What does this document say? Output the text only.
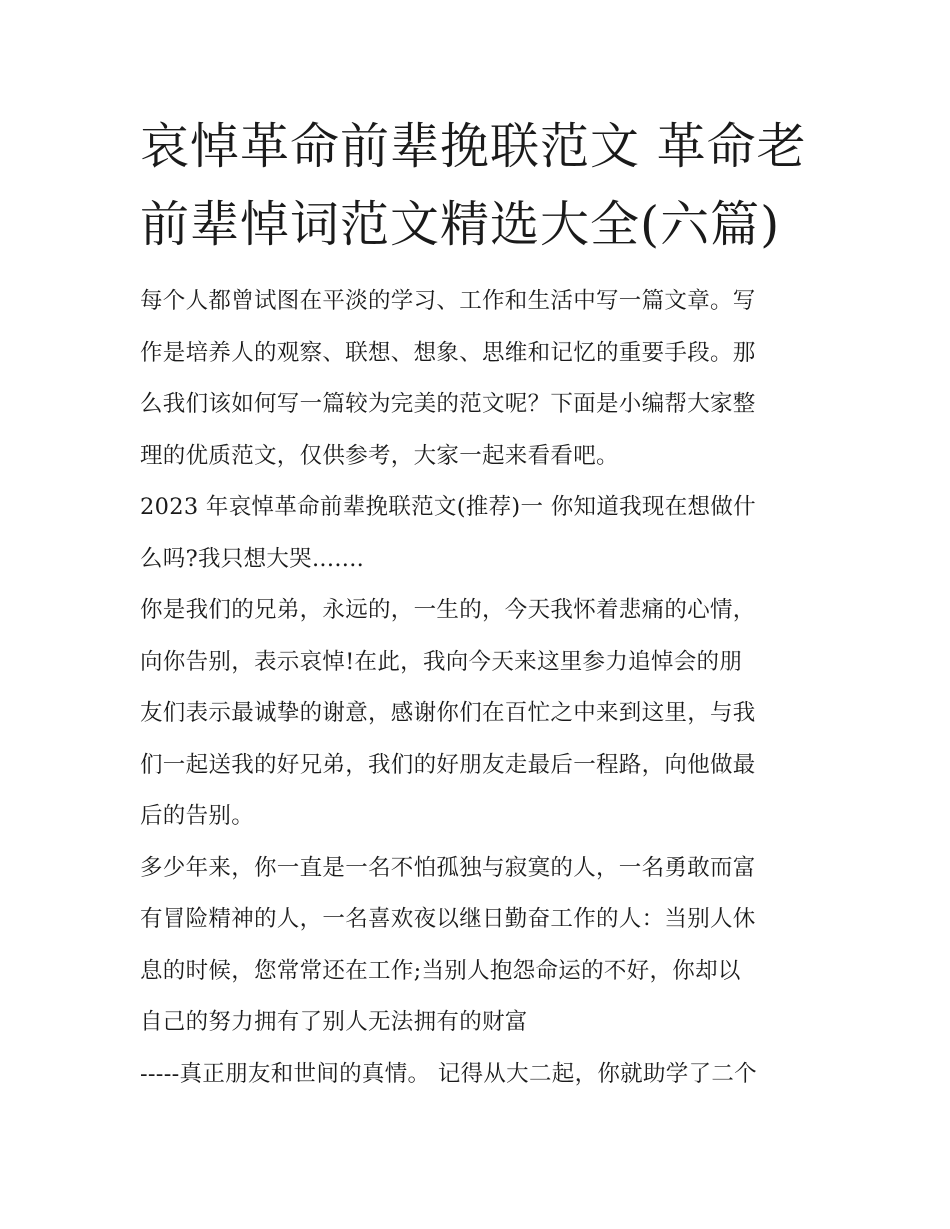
哀悼革命前辈挽联范文 革命老
前辈悼词范文精选大全(六篇)
每个人都曾试图在平淡的学习、工作和生活中写一篇文章。写
作是培养人的观察、联想、想象、思维和记忆的重要手段。那
么我们该如何写一篇较为完美的范文呢？下面是小编帮大家整
理的优质范文，仅供参考，大家一起来看看吧。
2023 年哀悼革命前辈挽联范文(推荐)一 你知道我现在想做什
么吗?我只想大哭.......
你是我们的兄弟，永远的，一生的，今天我怀着悲痛的心情，
向你告别，表示哀悼!在此，我向今天来这里参力追悼会的朋
友们表示最诚挚的谢意，感谢你们在百忙之中来到这里，与我
们一起送我的好兄弟，我们的好朋友走最后一程路，向他做最
后的告别。
多少年来，你一直是一名不怕孤独与寂寞的人，一名勇敢而富
有冒险精神的人，一名喜欢夜以继日勤奋工作的人：当别人休
息的时候，您常常还在工作;当别人抱怨命运的不好，你却以
自己的努力拥有了别人无法拥有的财富
-----真正朋友和世间的真情。 记得从大二起，你就助学了二个
